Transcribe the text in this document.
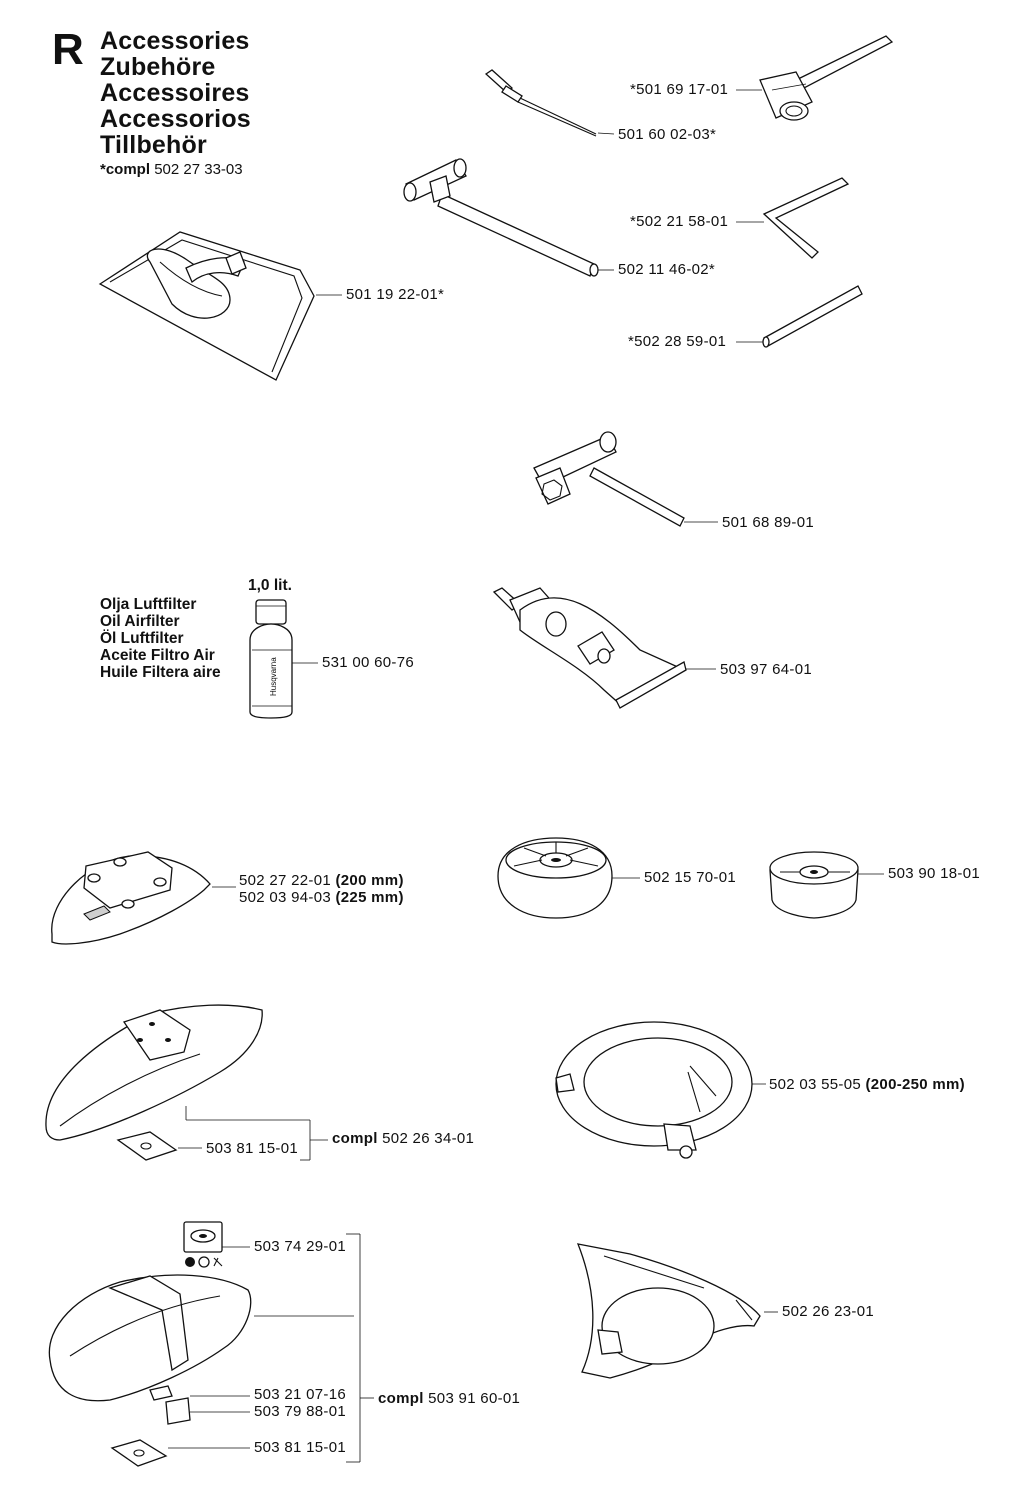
R Accessories
Zubehöre
Accessoires
Accessorios
Tillbehör
*compl 502 27 33-03
Husqvarna
*501 69 17-01
501 60 02-03*
*502 21 58-01
502 11 46-02*
501 19 22-01*
*502 28 59-01
501 68 89-01
1,0 lit.
Olja Luftfilter
Oil Airfilter
Öl Luftfilter
Aceite Filtro Air
Huile Filtera aire
531 00 60-76	503 97 64-01
502 27 22-01 (200 mm)
502 03 94-03 (225 mm)
502 15 70-01	503 90 18-01
502 03 55-05 (200-250 mm)
503 81 15-01
compl 502 26 34-01
503 74 29-01
502 26 23-01
503 21 07-16
503 79 88-01
503 81 15-01
compl 503 91 60-01
